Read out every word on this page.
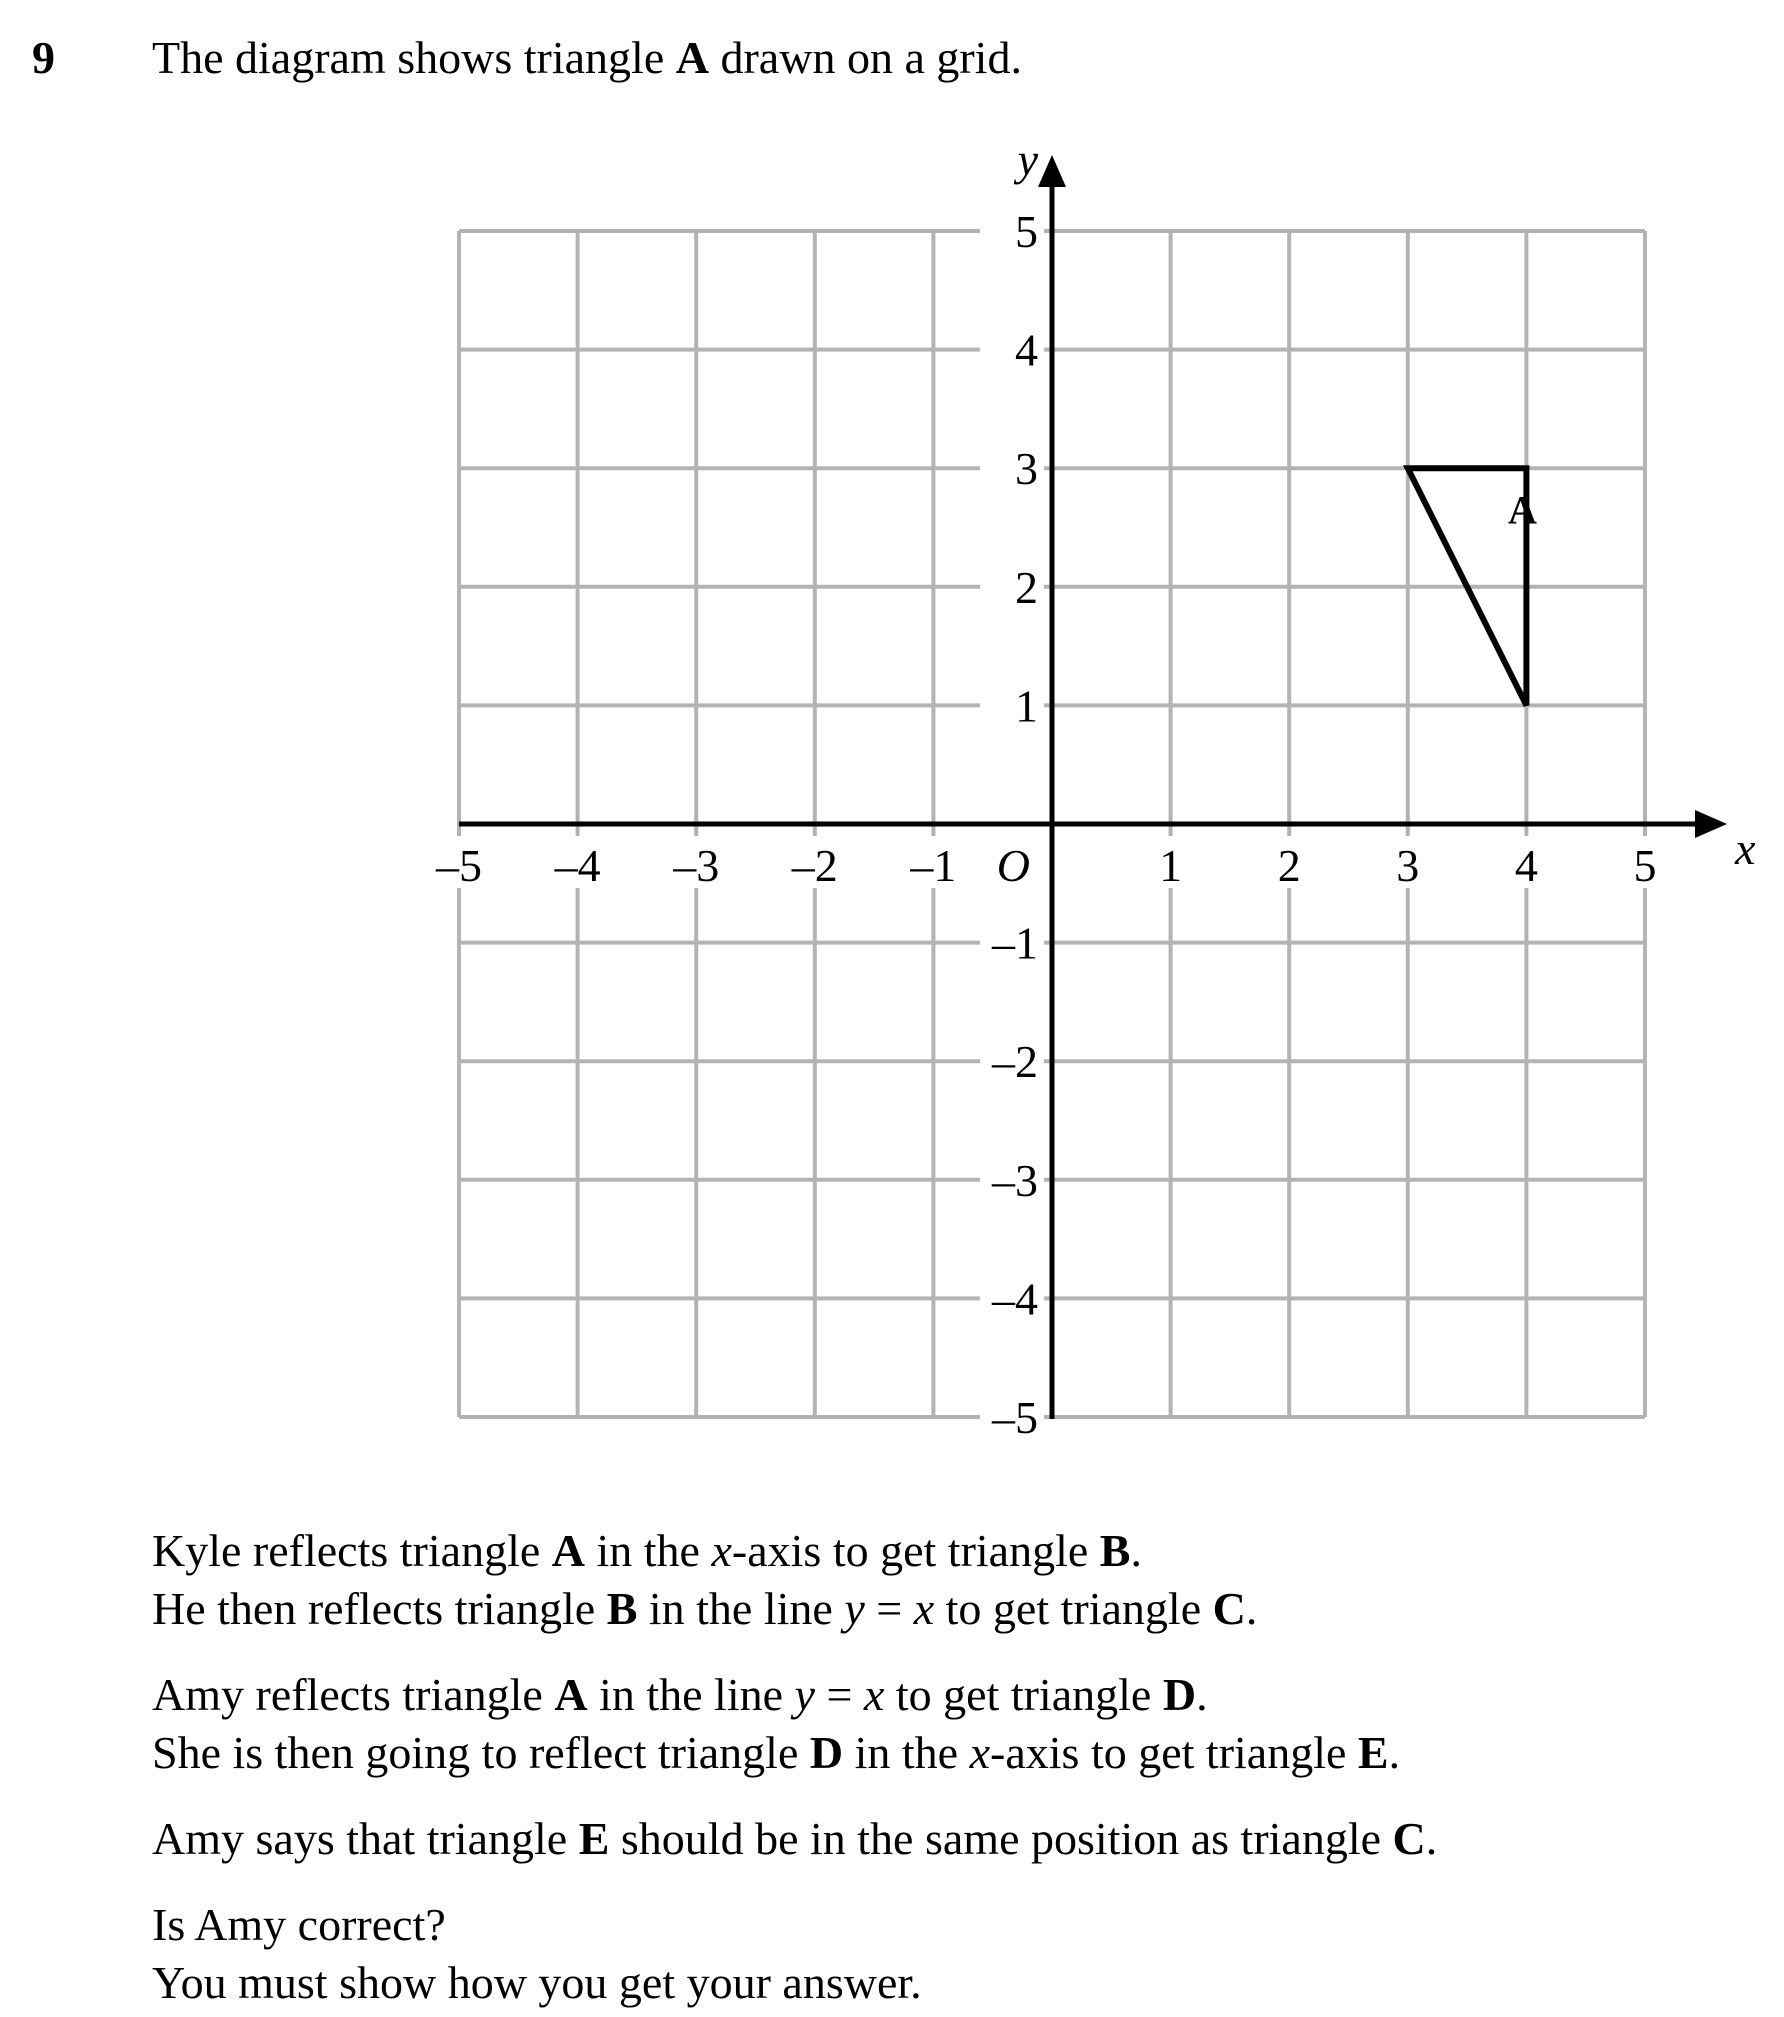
9 The diagram shows triangle A drawn on a grid.
–5 –4 –3 –2 –1	1 2 3 4 5
5
4
3
2
1
–1
–2
–3
–4
–5
O	x
y
A

Kyle reflects triangle A in the x-axis to get triangle B.

He then reflects triangle B in the line y = x to get triangle C.

Amy reflects triangle A in the line y = x to get triangle D.

She is then going to reflect triangle D in the x-axis to get triangle E.

Amy says that triangle E should be in the same position as triangle C.

Is Amy correct?

You must show how you get your answer.
